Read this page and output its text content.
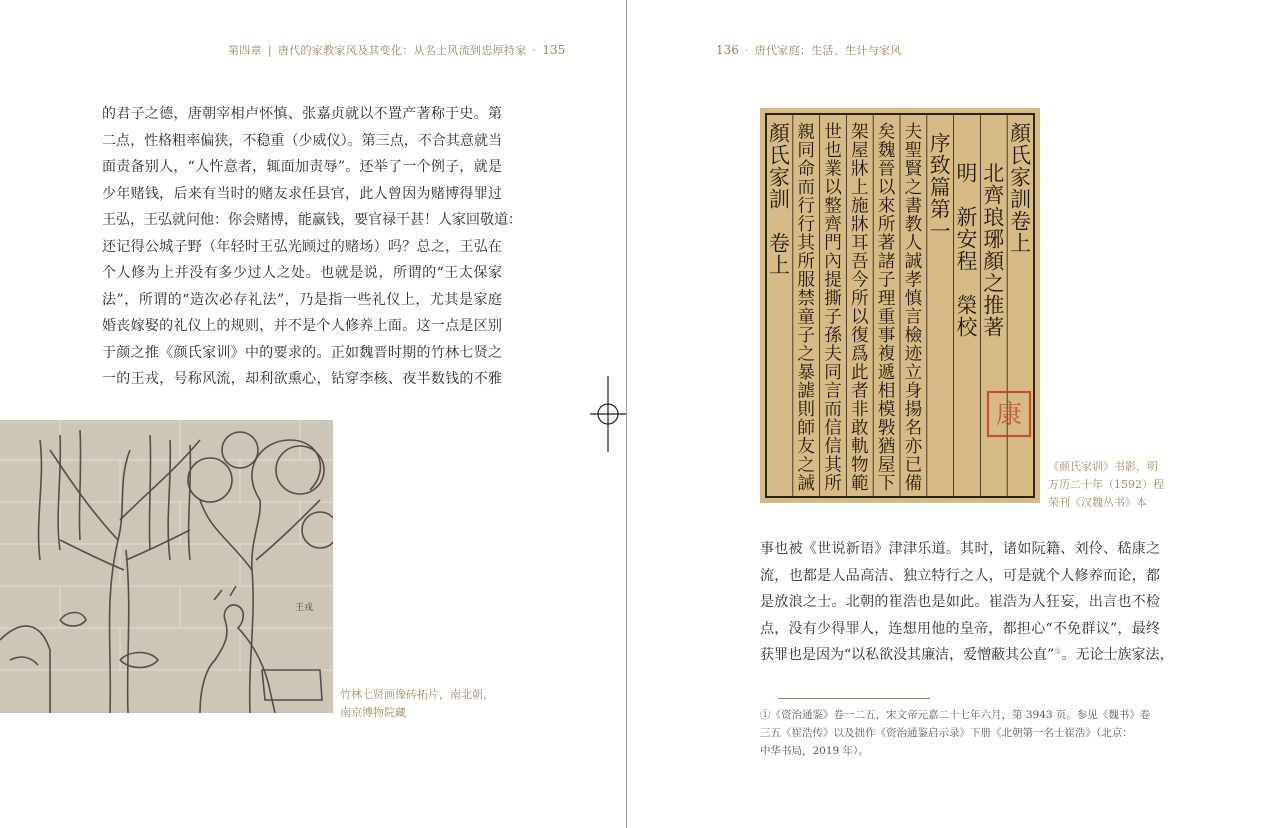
第四章 | 唐代的家教家风及其变化：从名士风流到忠厚持家 · 135
的君子之德，唐朝宰相卢怀慎、张嘉贞就以不置产著称于史。第
二点，性格粗率偏狭，不稳重（少威仪）。第三点，不合其意就当
面责备别人，“人忤意者，辄面加责辱”。还举了一个例子，就是
少年赌钱，后来有当时的赌友求任县官，此人曾因为赌博得罪过
王弘，王弘就问他：你会赌博，能赢钱，要官禄干甚！人家回敬道：
还记得公城子野（年轻时王弘光顾过的赌场）吗？总之，王弘在
个人修为上并没有多少过人之处。也就是说，所谓的“王太保家
法”，所谓的“造次必存礼法”，乃是指一些礼仪上，尤其是家庭
婚丧嫁娶的礼仪上的规则，并不是个人修养上面。这一点是区别
于颜之推《颜氏家训》中的要求的。正如魏晋时期的竹林七贤之
一的王戎，号称风流，却利欲熏心，钻穿李核、夜半数钱的不雅
王戎
竹林七贤画像砖拓片，南北朝，
南京博物院藏
136 · 唐代家庭：生活、生计与家风
顏氏家訓卷上
北齊琅琊顏之推著
明　新安程　榮校
序致篇第一
夫聖賢之書教人誠孝慎言檢迹立身揚名亦已備
矣魏晉以來所著諸子理重事複遞相模斅猶屋下
架屋牀上施牀耳吾今所以復爲此者非敢軌物範
世也業以整齊門內提撕子孫夫同言而信信其所
親同命而行行其所服禁童子之暴謔則師友之誡
顏氏家訓　卷上
康
《颜氏家训》书影，明
万历二十年（1592）程
荣刊《汉魏丛书》本
事也被《世说新语》津津乐道。其时，诸如阮籍、刘伶、嵇康之
流，也都是人品高洁、独立特行之人，可是就个人修养而论，都
是放浪之士。北朝的崔浩也是如此。崔浩为人狂妄，出言也不检
点，没有少得罪人，连想用他的皇帝，都担心“不免群议”，最终
获罪也是因为“以私欲没其廉洁，爱憎蔽其公直”①。无论士族家法，
①《资治通鉴》卷一二五，宋文帝元嘉二十七年六月，第 3943 页。参见《魏书》卷
三五《崔浩传》以及拙作《资治通鉴启示录》下册《北朝第一名士崔浩》（北京：
中华书局，2019 年）。
